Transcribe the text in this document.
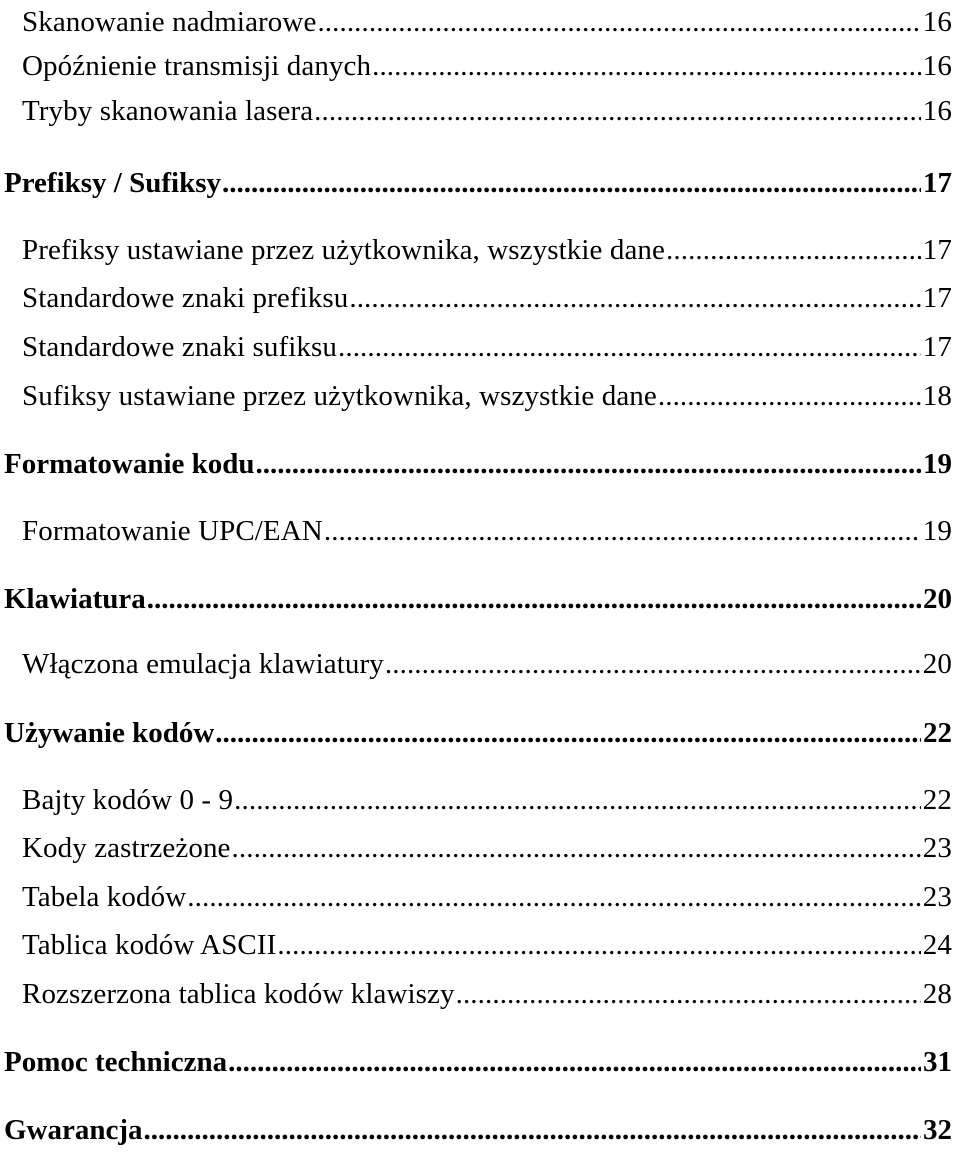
Skanowanie nadmiarowe .....	16
Opóźnienie transmisji danych .....	16
Tryby skanowania lasera .....	16
Prefiksy / Sufiksy .....	17
Prefiksy ustawiane przez użytkownika, wszystkie dane .....	17
Standardowe znaki prefiksu .....	17
Standardowe znaki sufiksu .....	17
Sufiksy ustawiane przez użytkownika, wszystkie dane .....	18
Formatowanie kodu .....	19
Formatowanie UPC/EAN .....	19
Klawiatura .....	20
Włączona emulacja klawiatury .....	20
Używanie kodów .....	22
Bajty kodów 0 - 9 .....	22
Kody zastrzeżone .....	23
Tabela kodów .....	23
Tablica kodów ASCII .....	24
Rozszerzona tablica kodów klawiszy .....	28
Pomoc techniczna .....	31
Gwarancja .....	32
